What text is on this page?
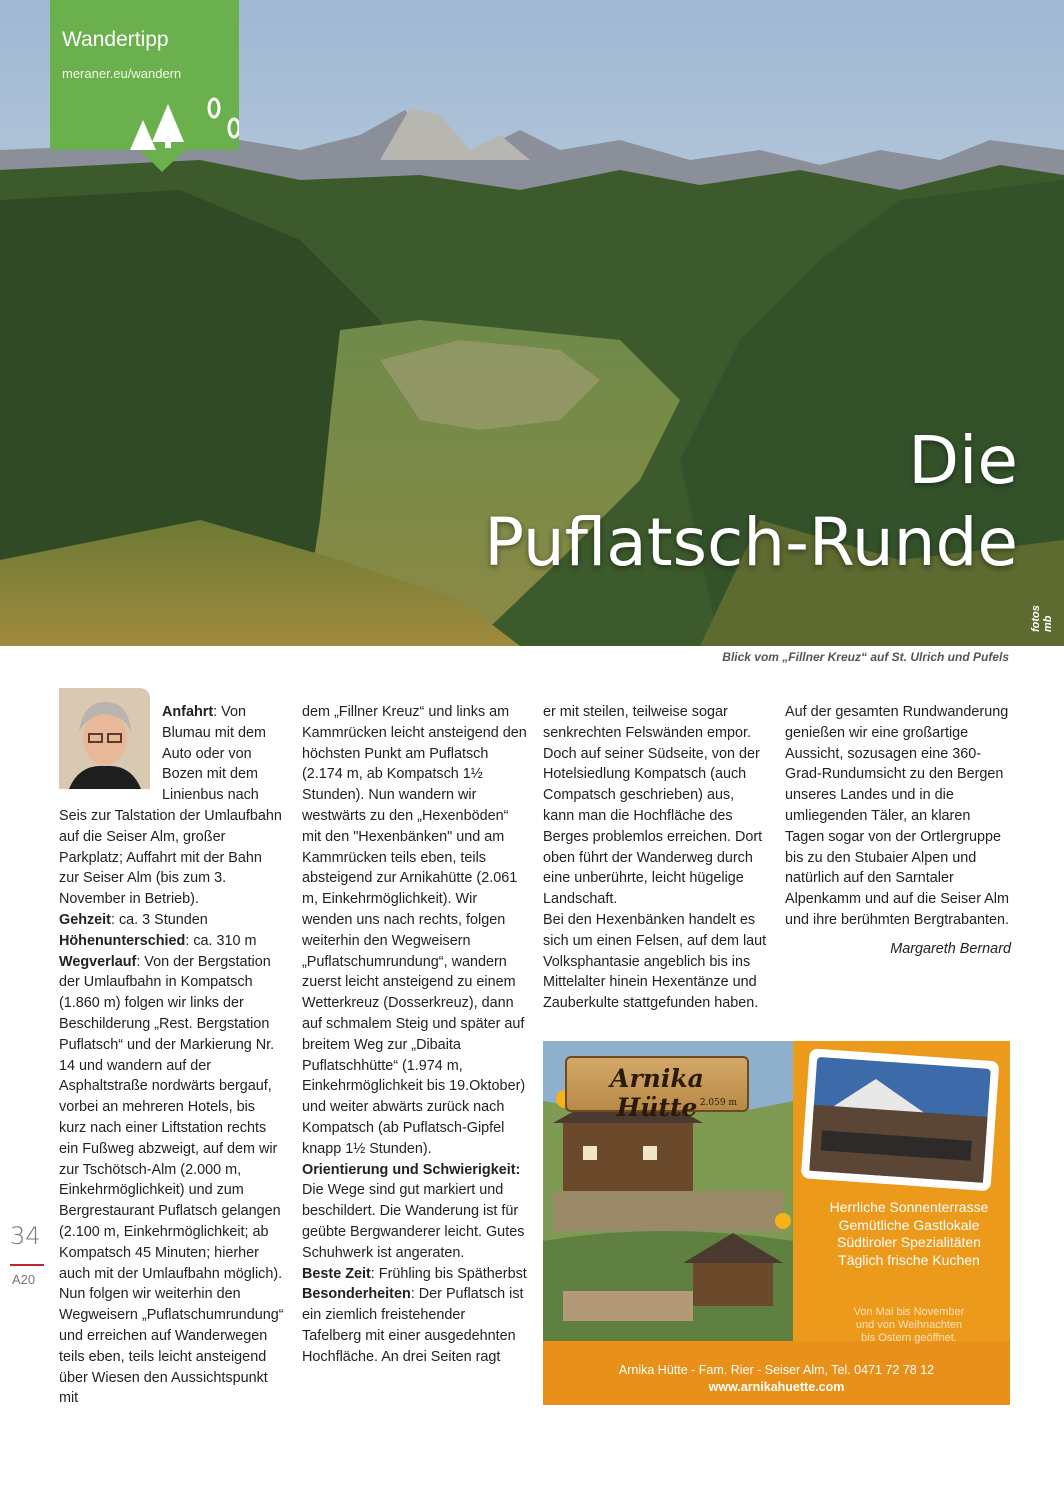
Wandertipp
meraner.eu/wandern
Die
Puflatsch-Runde
fotos mb
Blick vom „Fillner Kreuz“ auf St. Ulrich und Pufels

Anfahrt: Von Blumau mit dem Auto oder von Bozen mit dem Linienbus nach Seis zur Talstation der Umlaufbahn auf die Seiser Alm, großer Parkplatz; Auffahrt mit der Bahn zur Seiser Alm (bis zum 3. November in Betrieb).

Gehzeit: ca. 3 Stunden

Höhenunterschied: ca. 310 m

Wegverlauf: Von der Bergstation der Umlaufbahn in Kompatsch (1.860 m) folgen wir links der Beschilderung „Rest. Bergstation Puflatsch“ und der Markierung Nr. 14 und wandern auf der Asphaltstraße nordwärts bergauf, vorbei an mehreren Hotels, bis kurz nach einer Liftstation rechts ein Fußweg abzweigt, auf dem wir zur Tschötsch-Alm (2.000 m, Einkehrmöglichkeit) und zum Bergrestaurant Puflatsch gelangen (2.100 m, Einkehrmöglichkeit; ab Kompatsch 45 Minuten; hierher auch mit der Umlaufbahn möglich). Nun folgen wir weiterhin den Wegweisern „Puflatschumrundung“ und erreichen auf Wanderwegen teils eben, teils leicht ansteigend über Wiesen den Aussichtspunkt mit

dem „Fillner Kreuz“ und links am Kammrücken leicht ansteigend den höchsten Punkt am Puflatsch (2.174 m, ab Kompatsch 1½ Stunden). Nun wandern wir westwärts zu den „Hexenböden“ mit den "Hexenbänken" und am Kammrücken teils eben, teils absteigend zur Arnikahütte (2.061 m, Einkehrmöglichkeit). Wir wenden uns nach rechts, folgen weiterhin den Wegweisern „Puflatschumrundung“, wandern zuerst leicht ansteigend zu einem Wetterkreuz (Dosserkreuz), dann auf schmalem Steig und später auf breitem Weg zur „Dibaita Puflatschhütte“ (1.974 m, Einkehrmöglichkeit bis 19.Oktober) und weiter abwärts zurück nach Kompatsch (ab Puflatsch-Gipfel knapp 1½ Stunden).

Orientierung und Schwierigkeit: Die Wege sind gut markiert und beschildert. Die Wanderung ist für geübte Bergwanderer leicht. Gutes Schuhwerk ist angeraten.

Beste Zeit: Frühling bis Spätherbst

Besonderheiten: Der Puflatsch ist ein ziemlich freistehender Tafelberg mit einer ausgedehnten Hochfläche. An drei Seiten ragt

er mit steilen, teilweise sogar senkrechten Felswänden empor. Doch auf seiner Südseite, von der Hotelsiedlung Kompatsch (auch Compatsch geschrieben) aus, kann man die Hochfläche des Berges problemlos erreichen. Dort oben führt der Wanderweg durch eine unberührte, leicht hügelige Landschaft.

Bei den Hexenbänken handelt es sich um einen Felsen, auf dem laut Volksphantasie angeblich bis ins Mittelalter hinein Hexentänze und Zauberkulte stattgefunden haben.

Auf der gesamten Rundwanderung genießen wir eine großartige Aussicht, sozusagen eine 360-Grad-Rundumsicht zu den Bergen unseres Landes und in die umliegenden Täler, an klaren Tagen sogar von der Ortlergruppe bis zu den Stubaier Alpen und natürlich auf den Sarntaler Alpenkamm und auf die Seiser Alm und ihre berühmten Bergtrabanten.

Margareth Bernard

34
A20
Arnika Hütte 2.059 m
Herrliche Sonnenterrasse
Gemütliche Gastlokale
Südtiroler Spezialitäten
Täglich frische Kuchen
Von Mai bis November
und von Weihnachten
bis Ostern geöffnet.
Arnika Hütte - Fam. Rier - Seiser Alm, Tel. 0471 72 78 12
www.arnikahuette.com
